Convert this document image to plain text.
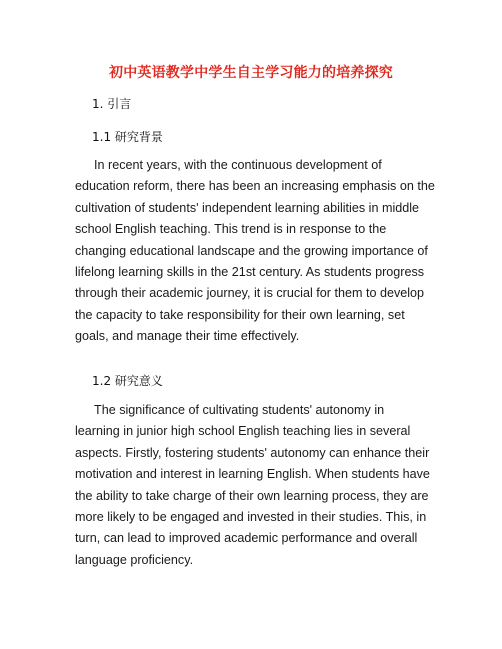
初中英语教学中学生自主学习能力的培养探究
1. 引言
1.1 研究背景
In recent years, with the continuous development of
education reform, there has been an increasing emphasis on the
cultivation of students' independent learning abilities in middle
school English teaching. This trend is in response to the
changing educational landscape and the growing importance of
lifelong learning skills in the 21st century. As students progress
through their academic journey, it is crucial for them to develop
the capacity to take responsibility for their own learning, set
goals, and manage their time effectively.
1.2 研究意义
The significance of cultivating students' autonomy in
learning in junior high school English teaching lies in several
aspects. Firstly, fostering students' autonomy can enhance their
motivation and interest in learning English. When students have
the ability to take charge of their own learning process, they are
more likely to be engaged and invested in their studies. This, in
turn, can lead to improved academic performance and overall
language proficiency.
